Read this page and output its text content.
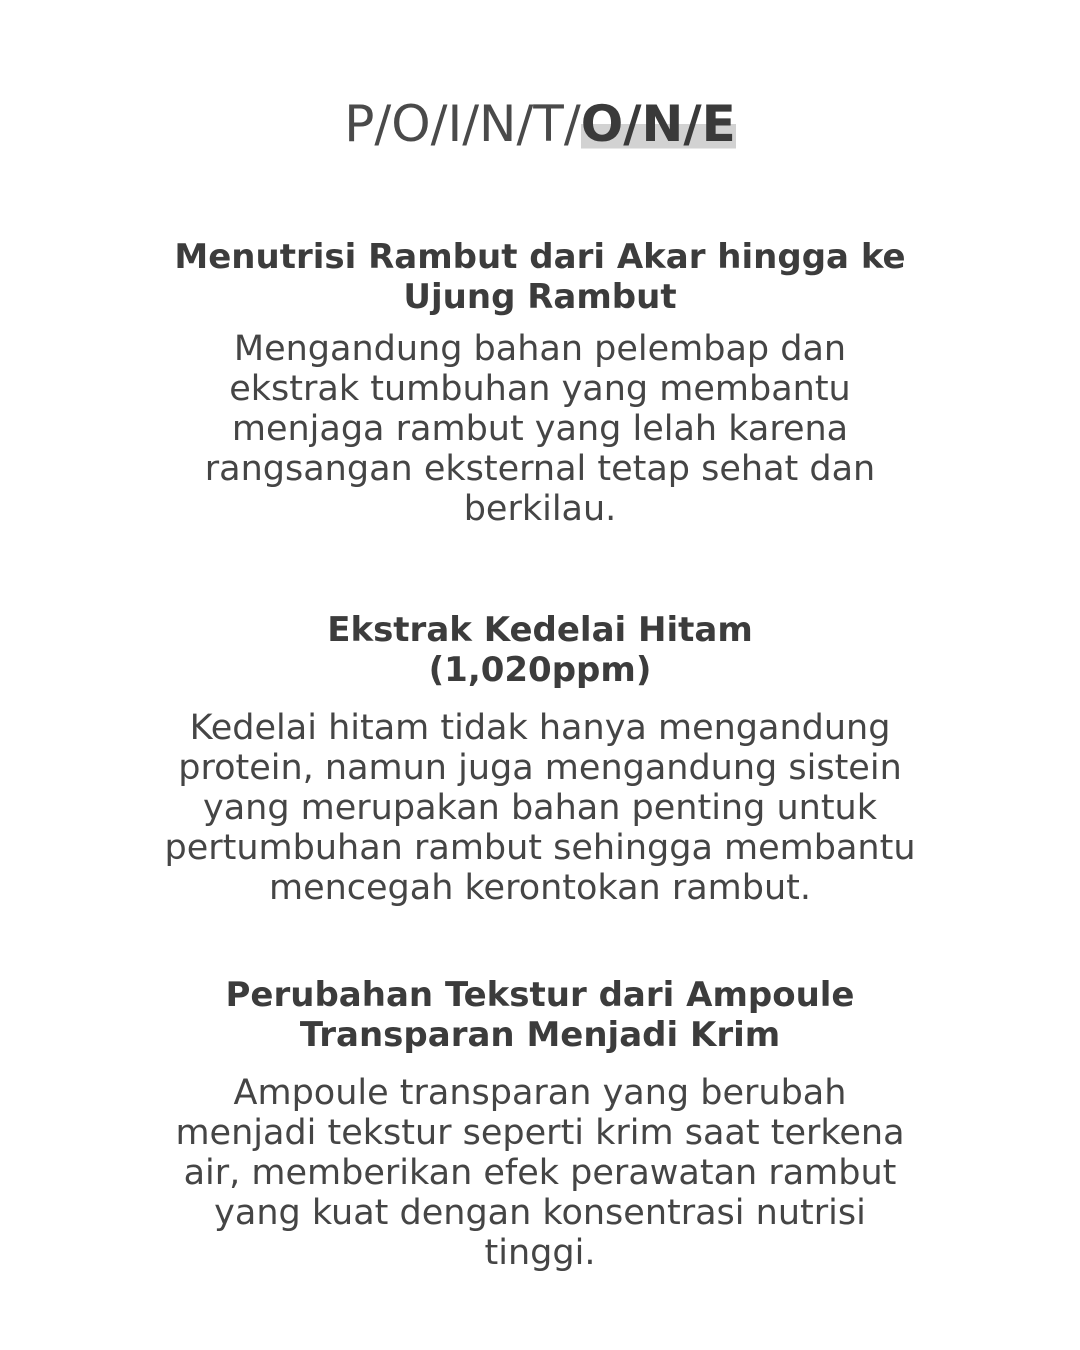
P/O/I/N/T/O/N/E
Menutrisi Rambut dari Akar hingga ke
Ujung Rambut
Mengandung bahan pelembap dan
ekstrak tumbuhan yang membantu
menjaga rambut yang lelah karena
rangsangan eksternal tetap sehat dan
berkilau.
Ekstrak Kedelai Hitam
(1,020ppm)
Kedelai hitam tidak hanya mengandung
protein, namun juga mengandung sistein
yang merupakan bahan penting untuk
pertumbuhan rambut sehingga membantu
mencegah kerontokan rambut.
Perubahan Tekstur dari Ampoule
Transparan Menjadi Krim
Ampoule transparan yang berubah
menjadi tekstur seperti krim saat terkena
air, memberikan efek perawatan rambut
yang kuat dengan konsentrasi nutrisi
tinggi.
